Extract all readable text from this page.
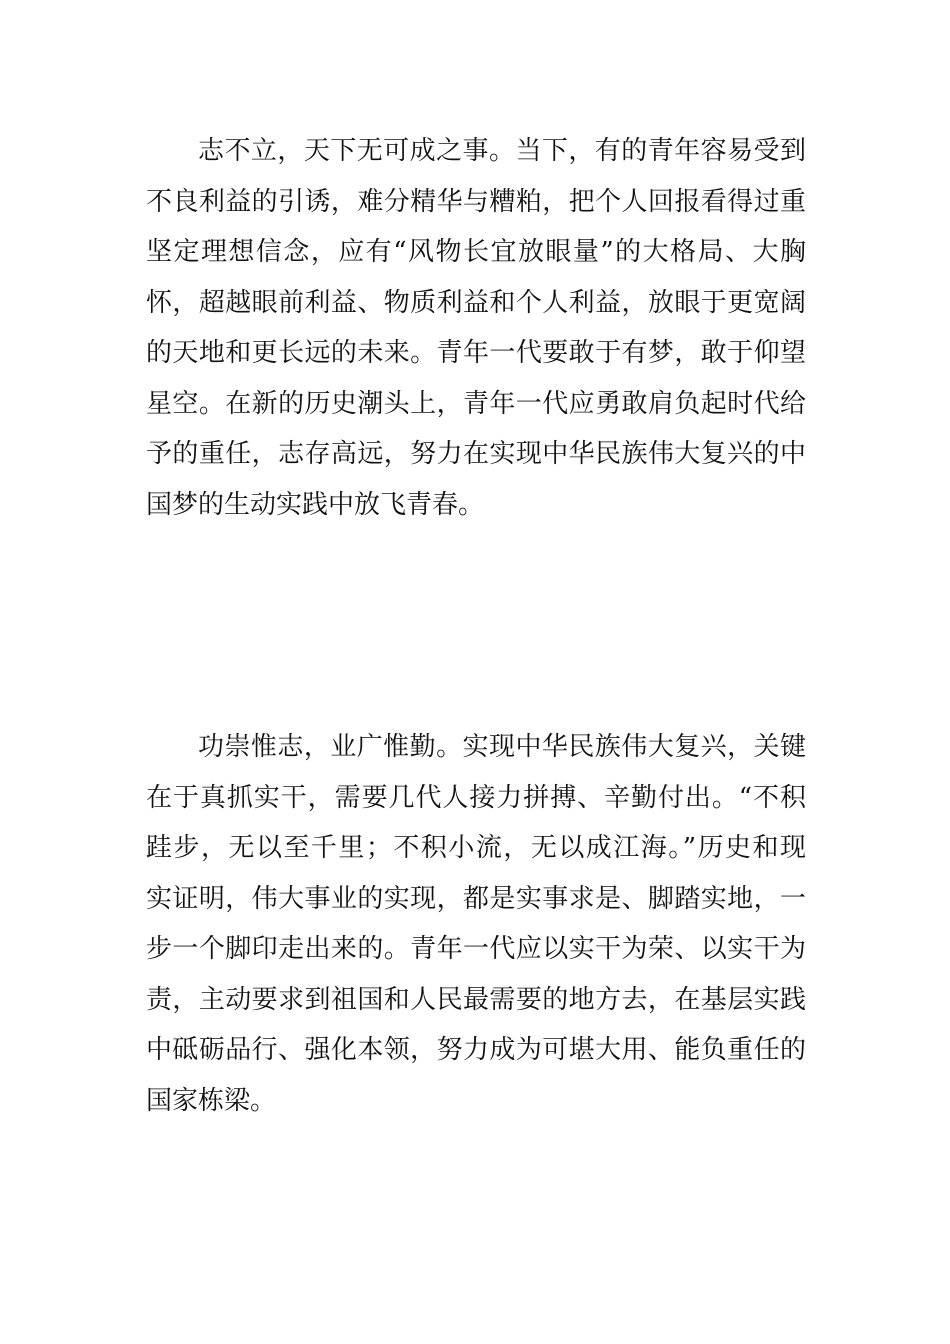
志不立，天下无可成之事。当下，有的青年容易受到
不良利益的引诱，难分精华与糟粕，把个人回报看得过重
坚定理想信念，应有“风物长宜放眼量”的大格局、大胸
怀，超越眼前利益、物质利益和个人利益，放眼于更宽阔
的天地和更长远的未来。青年一代要敢于有梦，敢于仰望
星空。在新的历史潮头上，青年一代应勇敢肩负起时代给
予的重任，志存高远，努力在实现中华民族伟大复兴的中
国梦的生动实践中放飞青春。
功崇惟志，业广惟勤。实现中华民族伟大复兴，关键
在于真抓实干，需要几代人接力拼搏、辛勤付出。“不积
跬步，无以至千里；不积小流，无以成江海。”历史和现
实证明，伟大事业的实现，都是实事求是、脚踏实地，一
步一个脚印走出来的。青年一代应以实干为荣、以实干为
责，主动要求到祖国和人民最需要的地方去，在基层实践
中砥砺品行、强化本领，努力成为可堪大用、能负重任的
国家栋梁。
